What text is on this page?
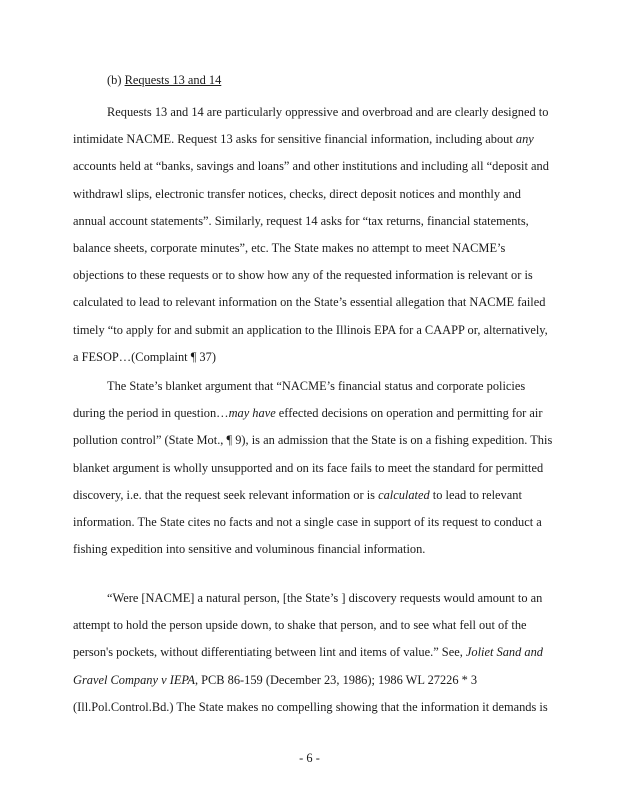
(b) Requests 13 and 14
Requests 13 and 14 are particularly oppressive and overbroad and are clearly designed to
intimidate NACME. Request 13 asks for sensitive financial information, including about any
accounts held at “banks, savings and loans” and other institutions and including all “deposit and
withdrawl slips, electronic transfer notices, checks, direct deposit notices and monthly and
annual account statements”. Similarly, request 14 asks for “tax returns, financial statements,
balance sheets, corporate minutes”, etc. The State makes no attempt to meet NACME’s
objections to these requests or to show how any of the requested information is relevant or is
calculated to lead to relevant information on the State’s essential allegation that NACME failed
timely “to apply for and submit an application to the Illinois EPA for a CAAPP or, alternatively,
a FESOP…(Complaint ¶ 37)
The State’s blanket argument that “NACME’s financial status and corporate policies
during the period in question…may have effected decisions on operation and permitting for air
pollution control” (State Mot., ¶ 9), is an admission that the State is on a fishing expedition. This
blanket argument is wholly unsupported and on its face fails to meet the standard for permitted
discovery, i.e. that the request seek relevant information or is calculated to lead to relevant
information. The State cites no facts and not a single case in support of its request to conduct a
fishing expedition into sensitive and voluminous financial information.
“Were [NACME] a natural person, [the State’s ] discovery requests would amount to an
attempt to hold the person upside down, to shake that person, and to see what fell out of the
person's pockets, without differentiating between lint and items of value.” See, Joliet Sand and
Gravel Company v IEPA, PCB 86-159 (December 23, 1986); 1986 WL 27226 * 3
(Ill.Pol.Control.Bd.) The State makes no compelling showing that the information it demands is
- 6 -
